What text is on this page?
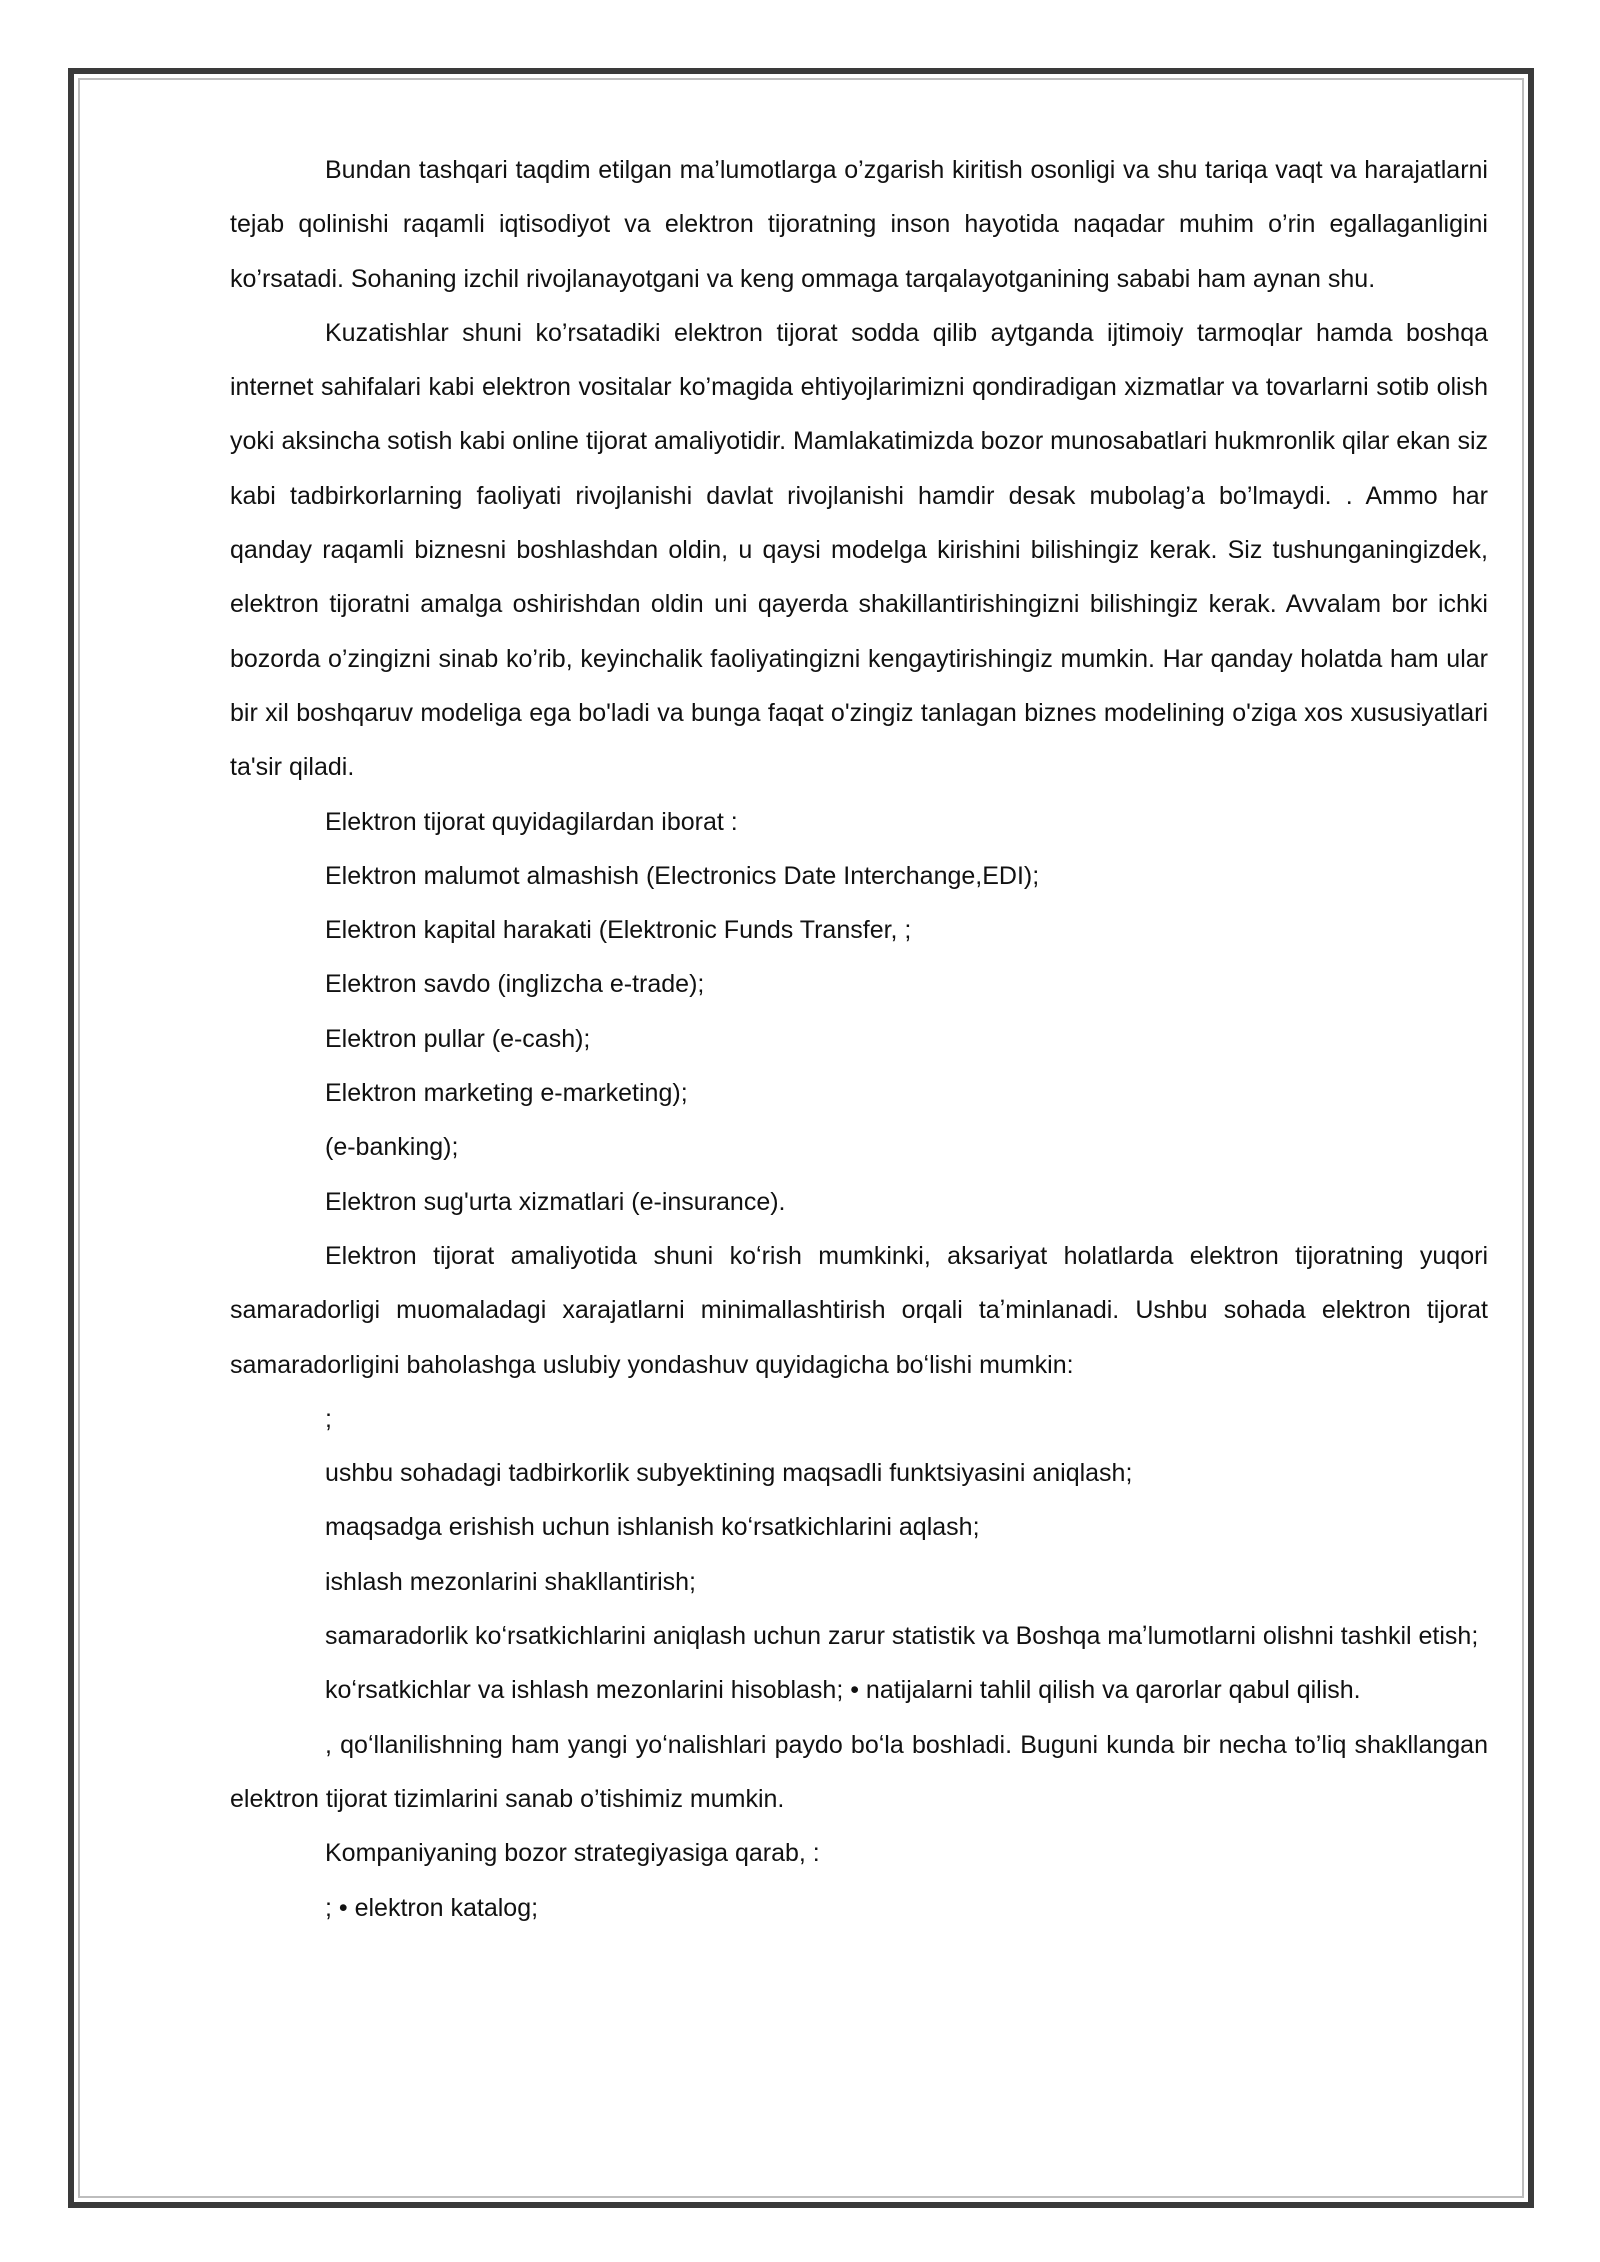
Bundan tashqari taqdim etilgan ma’lumotlarga o’zgarish kiritish osonligi va shu tariqa vaqt va harajatlarni tejab qolinishi raqamli iqtisodiyot va elektron tijoratning inson hayotida naqadar muhim o’rin egallaganligini ko’rsatadi. Sohaning izchil rivojlanayotgani va keng ommaga tarqalayotganining sababi ham aynan shu.

Kuzatishlar shuni ko’rsatadiki elektron tijorat sodda qilib aytganda ijtimoiy tarmoqlar hamda boshqa internet sahifalari kabi elektron vositalar ko’magida ehtiyojlarimizni qondiradigan xizmatlar va tovarlarni sotib olish yoki aksincha sotish kabi online tijorat amaliyotidir. Mamlakatimizda bozor munosabatlari hukmronlik qilar ekan siz kabi tadbirkorlarning faoliyati rivojlanishi davlat rivojlanishi hamdir desak mubolag’a bo’lmaydi. . Ammo har qanday raqamli biznesni boshlashdan oldin, u qaysi modelga kirishini bilishingiz kerak. Siz tushunganingizdek, elektron tijoratni amalga oshirishdan oldin uni qayerda shakillantirishingizni bilishingiz kerak. Avvalam bor ichki bozorda o’zingizni sinab ko’rib, keyinchalik faoliyatingizni kengaytirishingiz mumkin. Har qanday holatda ham ular bir xil boshqaruv modeliga ega bo'ladi va bunga faqat o'zingiz tanlagan biznes modelining o'ziga xos xususiyatlari ta'sir qiladi.

Elektron tijorat quyidagilardan iborat :

Elektron malumot almashish (Electronics Date Interchange,EDI);

Elektron kapital harakati (Elektronic Funds Transfer, ;

Elektron savdo (inglizcha e-trade);

Elektron pullar (e-cash);

Elektron marketing e-marketing);

(e-banking);

Elektron sug'urta xizmatlari (e-insurance).

Elektron tijorat amaliyotida shuni koʻrish mumkinki, aksariyat holatlarda elektron tijoratning yuqori samaradorligi muomaladagi xarajatlarni minimallashtirish orqali taʼminlanadi. Ushbu sohada elektron tijorat samaradorligini baholashga uslubiy yondashuv quyidagicha boʻlishi mumkin:

;

ushbu sohadagi tadbirkorlik subyektining maqsadli funktsiyasini aniqlash;

maqsadga erishish uchun ishlanish koʻrsatkichlarini aqlash;

ishlash mezonlarini shakllantirish;

samaradorlik koʻrsatkichlarini aniqlash uchun zarur statistik va Boshqa maʼlumotlarni olishni tashkil etish;

koʻrsatkichlar va ishlash mezonlarini hisoblash; • natijalarni tahlil qilish va qarorlar qabul qilish.

, qoʻllanilishning ham yangi yoʻnalishlari paydo boʻla boshladi. Buguni kunda bir necha to’liq shakllangan elektron tijorat tizimlarini sanab o’tishimiz mumkin.

Kompaniyaning bozor strategiyasiga qarab, :

; • elektron katalog;
